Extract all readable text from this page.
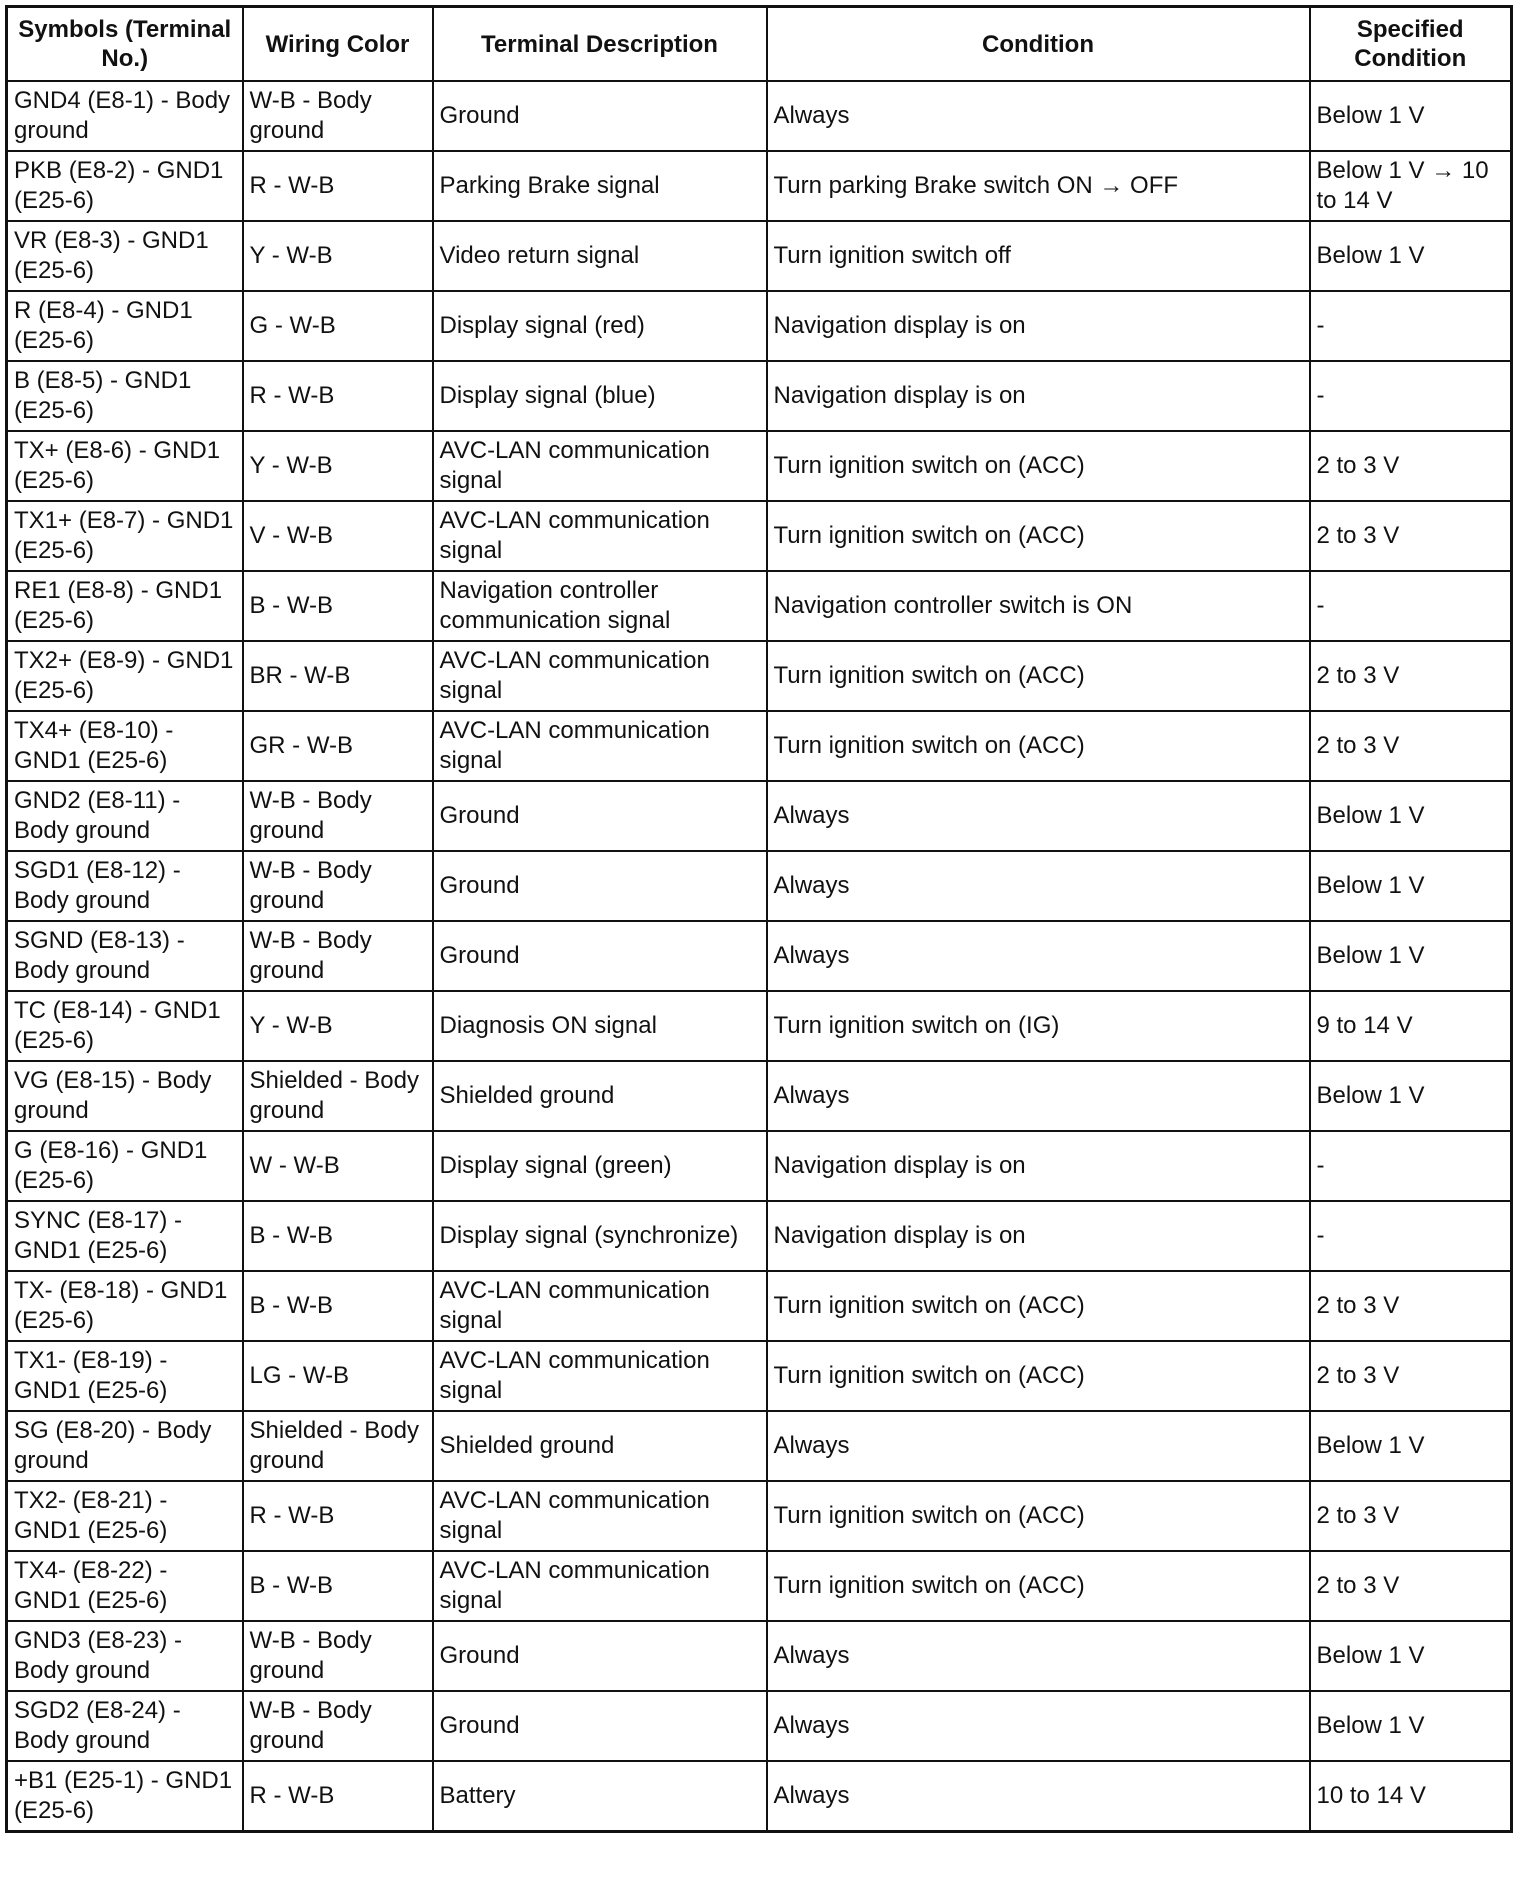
Symbols (Terminal No.)	Wiring Color	Terminal Description	Condition	Specified Condition
GND4 (E8-1) - Body ground	W-B - Body ground	Ground	Always	Below 1 V
PKB (E8-2) - GND1 (E25-6)	R - W-B	Parking Brake signal	Turn parking Brake switch ON → OFF	Below 1 V → 10 to 14 V
VR (E8-3) - GND1 (E25-6)	Y - W-B	Video return signal	Turn ignition switch off	Below 1 V
R (E8-4) - GND1 (E25-6)	G - W-B	Display signal (red)	Navigation display is on	-
B (E8-5) - GND1 (E25-6)	R - W-B	Display signal (blue)	Navigation display is on	-
TX+ (E8-6) - GND1 (E25-6)	Y - W-B	AVC-LAN communication signal	Turn ignition switch on (ACC)	2 to 3 V
TX1+ (E8-7) - GND1 (E25-6)	V - W-B	AVC-LAN communication signal	Turn ignition switch on (ACC)	2 to 3 V
RE1 (E8-8) - GND1 (E25-6)	B - W-B	Navigation controller communication signal	Navigation controller switch is ON	-
TX2+ (E8-9) - GND1 (E25-6)	BR - W-B	AVC-LAN communication signal	Turn ignition switch on (ACC)	2 to 3 V
TX4+ (E8-10) - GND1 (E25-6)	GR - W-B	AVC-LAN communication signal	Turn ignition switch on (ACC)	2 to 3 V
GND2 (E8-11) - Body ground	W-B - Body ground	Ground	Always	Below 1 V
SGD1 (E8-12) - Body ground	W-B - Body ground	Ground	Always	Below 1 V
SGND (E8-13) - Body ground	W-B - Body ground	Ground	Always	Below 1 V
TC (E8-14) - GND1 (E25-6)	Y - W-B	Diagnosis ON signal	Turn ignition switch on (IG)	9 to 14 V
VG (E8-15) - Body ground	Shielded - Body ground	Shielded ground	Always	Below 1 V
G (E8-16) - GND1 (E25-6)	W - W-B	Display signal (green)	Navigation display is on	-
SYNC (E8-17) - GND1 (E25-6)	B - W-B	Display signal (synchronize)	Navigation display is on	-
TX- (E8-18) - GND1 (E25-6)	B - W-B	AVC-LAN communication signal	Turn ignition switch on (ACC)	2 to 3 V
TX1- (E8-19) - GND1 (E25-6)	LG - W-B	AVC-LAN communication signal	Turn ignition switch on (ACC)	2 to 3 V
SG (E8-20) - Body ground	Shielded - Body ground	Shielded ground	Always	Below 1 V
TX2- (E8-21) - GND1 (E25-6)	R - W-B	AVC-LAN communication signal	Turn ignition switch on (ACC)	2 to 3 V
TX4- (E8-22) - GND1 (E25-6)	B - W-B	AVC-LAN communication signal	Turn ignition switch on (ACC)	2 to 3 V
GND3 (E8-23) - Body ground	W-B - Body ground	Ground	Always	Below 1 V
SGD2 (E8-24) - Body ground	W-B - Body ground	Ground	Always	Below 1 V
+B1 (E25-1) - GND1 (E25-6)	R - W-B	Battery	Always	10 to 14 V
